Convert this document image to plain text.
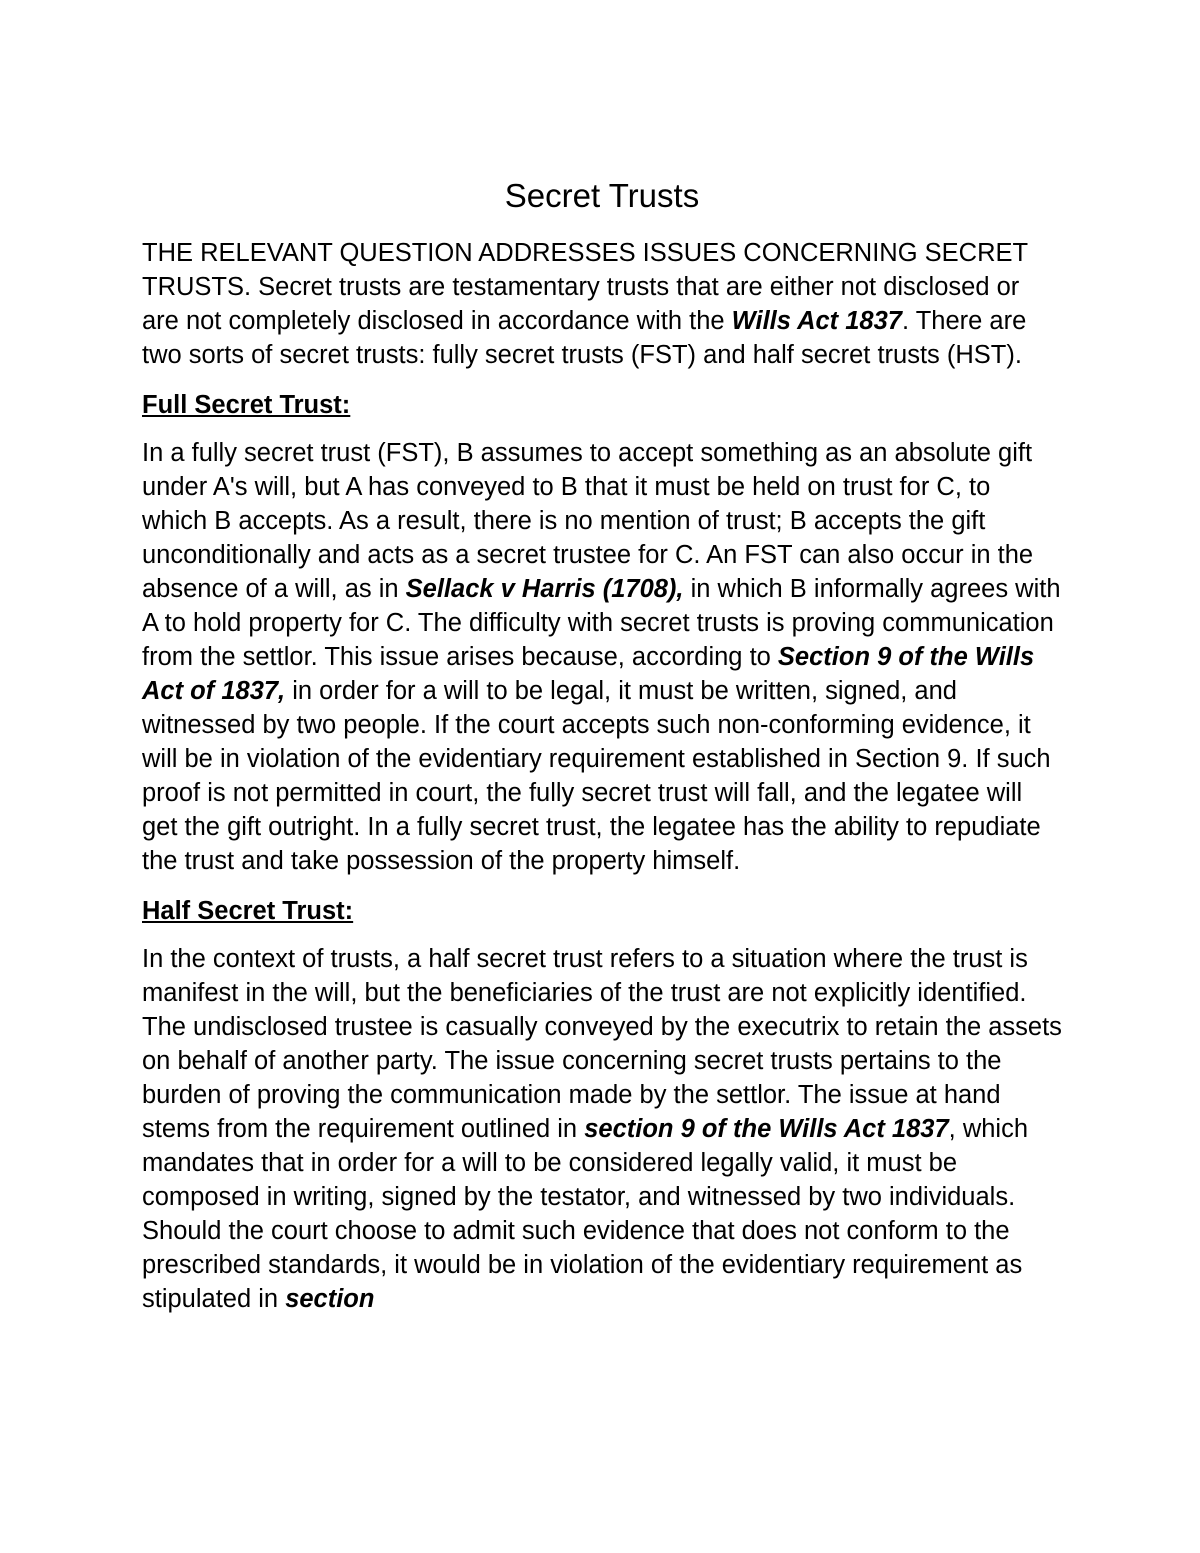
Secret Trusts

THE RELEVANT QUESTION ADDRESSES ISSUES CONCERNING SECRET TRUSTS. Secret trusts are testamentary trusts that are either not disclosed or are not completely disclosed in accordance with the Wills Act 1837. There are two sorts of secret trusts: fully secret trusts (FST) and half secret trusts (HST).

Full Secret Trust:

In a fully secret trust (FST), B assumes to accept something as an absolute gift under A's will, but A has conveyed to B that it must be held on trust for C, to which B accepts. As a result, there is no mention of trust; B accepts the gift unconditionally and acts as a secret trustee for C. An FST can also occur in the absence of a will, as in Sellack v Harris (1708), in which B informally agrees with A to hold property for C. The difficulty with secret trusts is proving communication from the settlor. This issue arises because, according to Section 9 of the Wills Act of 1837, in order for a will to be legal, it must be written, signed, and witnessed by two people. If the court accepts such non-conforming evidence, it will be in violation of the evidentiary requirement established in Section 9. If such proof is not permitted in court, the fully secret trust will fall, and the legatee will get the gift outright. In a fully secret trust, the legatee has the ability to repudiate the trust and take possession of the property himself.

Half Secret Trust:

In the context of trusts, a half secret trust refers to a situation where the trust is manifest in the will, but the beneficiaries of the trust are not explicitly identified. The undisclosed trustee is casually conveyed by the executrix to retain the assets on behalf of another party. The issue concerning secret trusts pertains to the burden of proving the communication made by the settlor. The issue at hand stems from the requirement outlined in section 9 of the Wills Act 1837, which mandates that in order for a will to be considered legally valid, it must be composed in writing, signed by the testator, and witnessed by two individuals. Should the court choose to admit such evidence that does not conform to the prescribed standards, it would be in violation of the evidentiary requirement as stipulated in section
